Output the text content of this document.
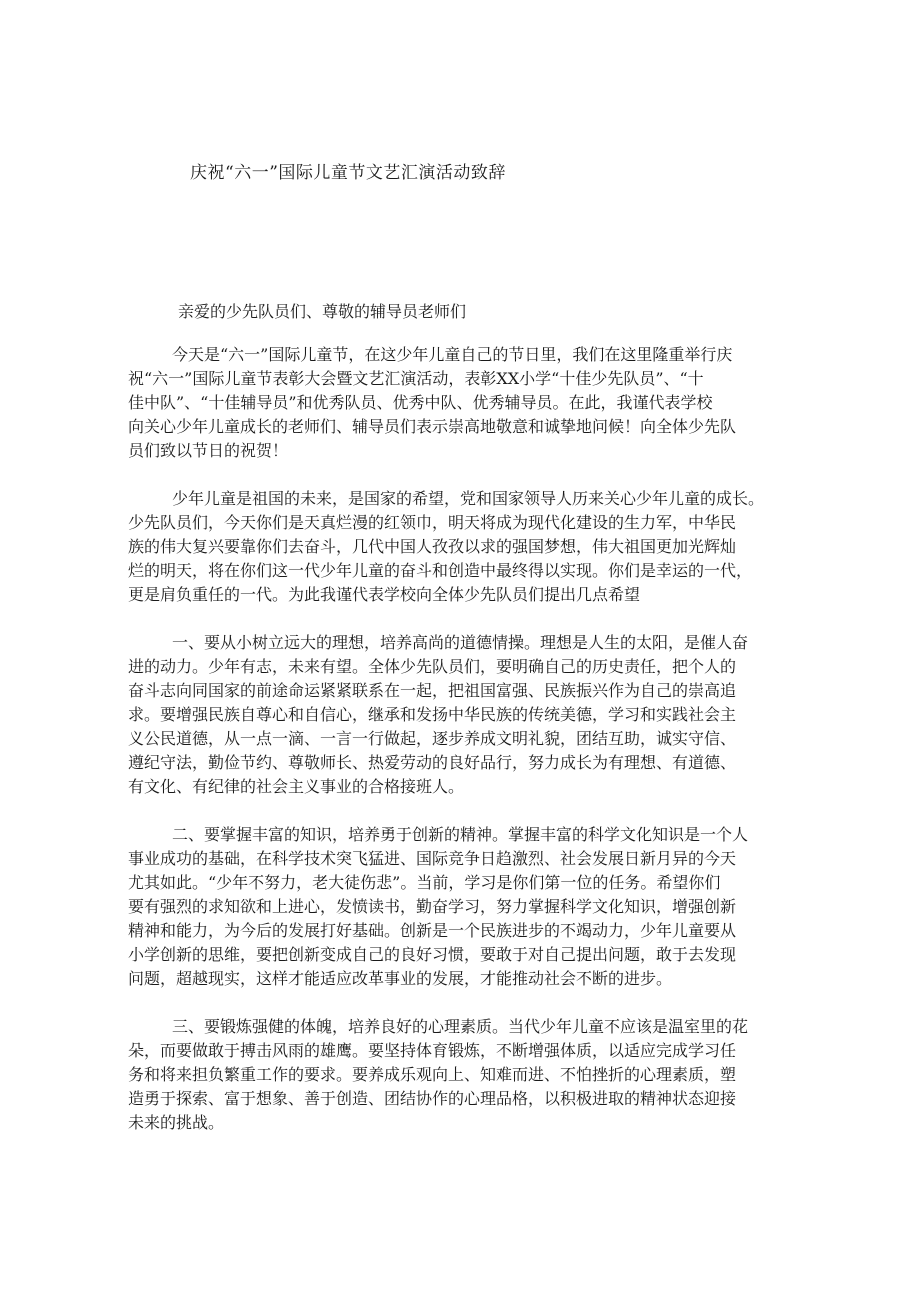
庆祝“六一”国际儿童节文艺汇演活动致辞
亲爱的少先队员们、尊敬的辅导员老师们

今天是“六一”国际儿童节，在这少年儿童自己的节日里，我们在这里隆重举行庆
祝“六一”国际儿童节表彰大会暨文艺汇演活动，表彰XX小学“十佳少先队员”、“十
佳中队”、“十佳辅导员”和优秀队员、优秀中队、优秀辅导员。在此，我谨代表学校
向关心少年儿童成长的老师们、辅导员们表示崇高地敬意和诚挚地问候！向全体少先队
员们致以节日的祝贺！

少年儿童是祖国的未来，是国家的希望，党和国家领导人历来关心少年儿童的成长。
少先队员们，今天你们是天真烂漫的红领巾，明天将成为现代化建设的生力军，中华民
族的伟大复兴要靠你们去奋斗，几代中国人孜孜以求的强国梦想，伟大祖国更加光辉灿
烂的明天，将在你们这一代少年儿童的奋斗和创造中最终得以实现。你们是幸运的一代，
更是肩负重任的一代。为此我谨代表学校向全体少先队员们提出几点希望

一、要从小树立远大的理想，培养高尚的道德情操。理想是人生的太阳，是催人奋
进的动力。少年有志，未来有望。全体少先队员们，要明确自己的历史责任，把个人的
奋斗志向同国家的前途命运紧紧联系在一起，把祖国富强、民族振兴作为自己的崇高追
求。要增强民族自尊心和自信心，继承和发扬中华民族的传统美德，学习和实践社会主
义公民道德，从一点一滴、一言一行做起，逐步养成文明礼貌，团结互助，诚实守信、
遵纪守法，勤俭节约、尊敬师长、热爱劳动的良好品行，努力成长为有理想、有道德、
有文化、有纪律的社会主义事业的合格接班人。

二、要掌握丰富的知识，培养勇于创新的精神。掌握丰富的科学文化知识是一个人
事业成功的基础，在科学技术突飞猛进、国际竞争日趋激烈、社会发展日新月异的今天
尤其如此。“少年不努力，老大徒伤悲”。当前，学习是你们第一位的任务。希望你们
要有强烈的求知欲和上进心，发愤读书，勤奋学习，努力掌握科学文化知识，增强创新
精神和能力，为今后的发展打好基础。创新是一个民族进步的不竭动力，少年儿童要从
小学创新的思维，要把创新变成自己的良好习惯，要敢于对自己提出问题，敢于去发现
问题，超越现实，这样才能适应改革事业的发展，才能推动社会不断的进步。

三、要锻炼强健的体魄，培养良好的心理素质。当代少年儿童不应该是温室里的花
朵，而要做敢于搏击风雨的雄鹰。要坚持体育锻炼，不断增强体质，以适应完成学习任
务和将来担负繁重工作的要求。要养成乐观向上、知难而进、不怕挫折的心理素质，塑
造勇于探索、富于想象、善于创造、团结协作的心理品格，以积极进取的精神状态迎接
未来的挑战。
